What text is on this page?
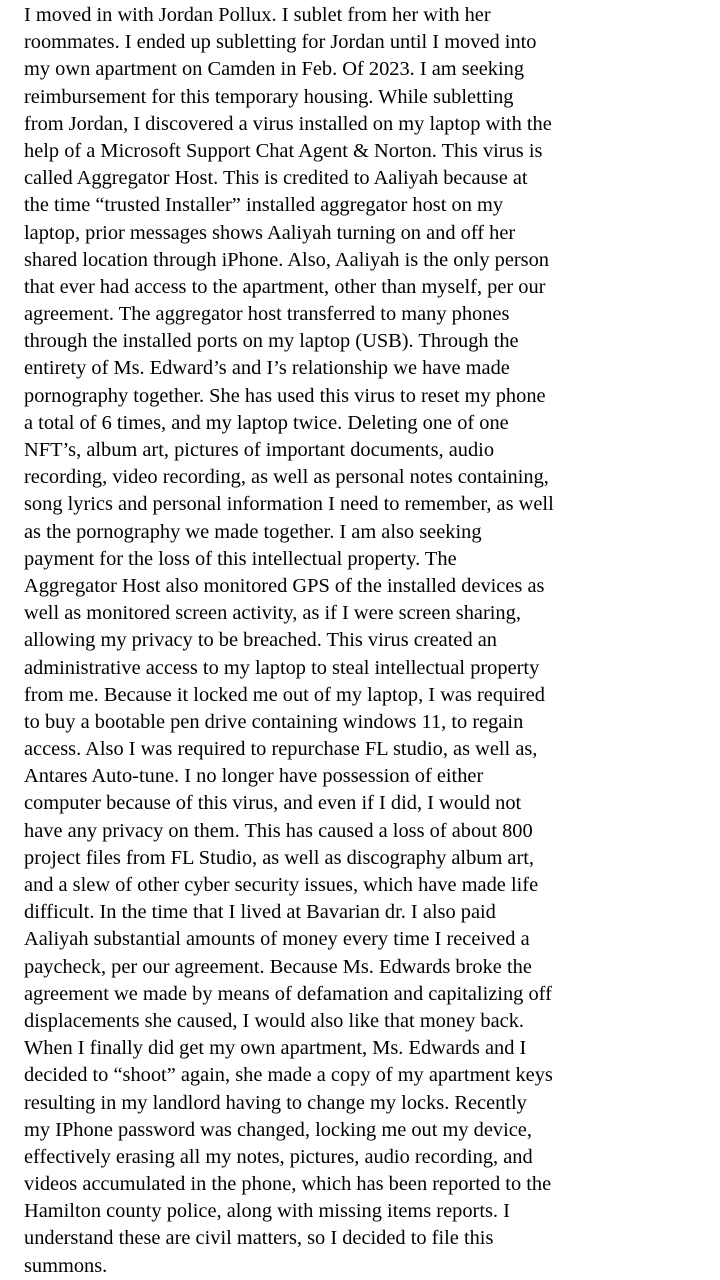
I moved in with Jordan Pollux. I sublet from her with her
roommates. I ended up subletting for Jordan until I moved into
my own apartment on Camden in Feb. Of 2023. I am seeking
reimbursement for this temporary housing. While subletting
from Jordan, I discovered a virus installed on my laptop with the
help of a Microsoft Support Chat Agent & Norton. This virus is
called Aggregator Host. This is credited to Aaliyah because at
the time “trusted Installer” installed aggregator host on my
laptop, prior messages shows Aaliyah turning on and off her
shared location through iPhone. Also, Aaliyah is the only person
that ever had access to the apartment, other than myself, per our
agreement. The aggregator host transferred to many phones
through the installed ports on my laptop (USB). Through the
entirety of Ms. Edward’s and I’s relationship we have made
pornography together. She has used this virus to reset my phone
a total of 6 times, and my laptop twice. Deleting one of one
NFT’s, album art, pictures of important documents, audio
recording, video recording, as well as personal notes containing,
song lyrics and personal information I need to remember, as well
as the pornography we made together. I am also seeking
payment for the loss of this intellectual property. The
Aggregator Host also monitored GPS of the installed devices as
well as monitored screen activity, as if I were screen sharing,
allowing my privacy to be breached. This virus created an
administrative access to my laptop to steal intellectual property
from me. Because it locked me out of my laptop, I was required
to buy a bootable pen drive containing windows 11, to regain
access. Also I was required to repurchase FL studio, as well as,
Antares Auto-tune. I no longer have possession of either
computer because of this virus, and even if I did, I would not
have any privacy on them. This has caused a loss of about 800
project files from FL Studio, as well as discography album art,
and a slew of other cyber security issues, which have made life
difficult. In the time that I lived at Bavarian dr. I also paid
Aaliyah substantial amounts of money every time I received a
paycheck, per our agreement. Because Ms. Edwards broke the
agreement we made by means of defamation and capitalizing off
displacements she caused, I would also like that money back.
When I finally did get my own apartment, Ms. Edwards and I
decided to “shoot” again, she made a copy of my apartment keys
resulting in my landlord having to change my locks. Recently
my IPhone password was changed, locking me out my device,
effectively erasing all my notes, pictures, audio recording, and
videos accumulated in the phone, which has been reported to the
Hamilton county police, along with missing items reports. I
understand these are civil matters, so I decided to file this
summons.
